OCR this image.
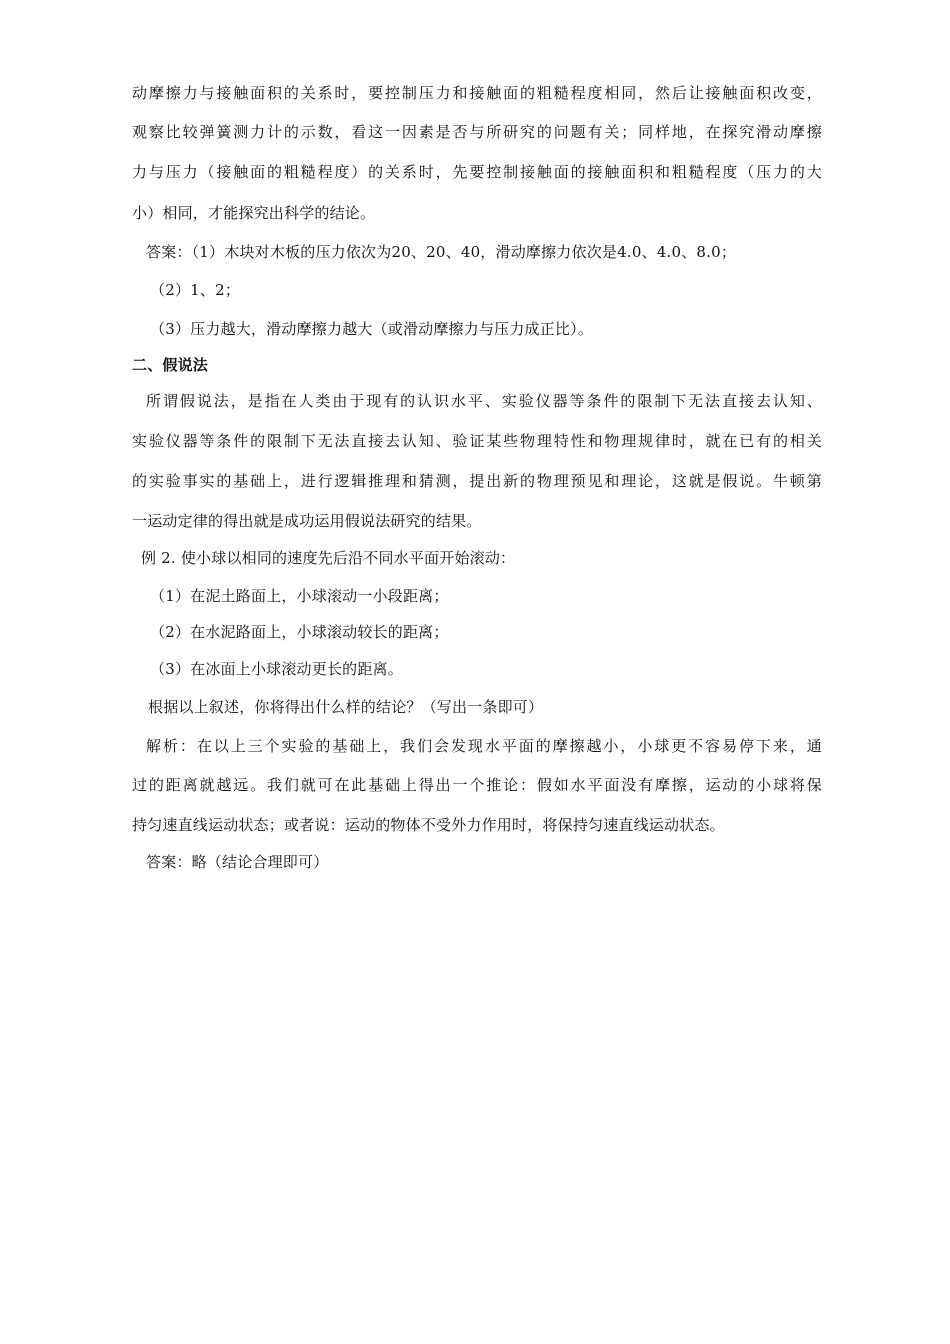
动摩擦力与接触面积的关系时，要控制压力和接触面的粗糙程度相同，然后让接触面积改变，
观察比较弹簧测力计的示数，看这一因素是否与所研究的问题有关；同样地，在探究滑动摩擦
力与压力（接触面的粗糙程度）的关系时，先要控制接触面的接触面积和粗糙程度（压力的大
小）相同，才能探究出科学的结论。
答案：（1）木块对木板的压力依次为20、20、40，滑动摩擦力依次是4.0、4.0、8.0；
（2）1、2；
（3）压力越大，滑动摩擦力越大（或滑动摩擦力与压力成正比）。
二、假说法
所谓假说法，是指在人类由于现有的认识水平、实验仪器等条件的限制下无法直接去认知、
实验仪器等条件的限制下无法直接去认知、验证某些物理特性和物理规律时，就在已有的相关
的实验事实的基础上，进行逻辑推理和猜测，提出新的物理预见和理论，这就是假说。牛顿第
一运动定律的得出就是成功运用假说法研究的结果。
例 2. 使小球以相同的速度先后沿不同水平面开始滚动：
（1）在泥土路面上，小球滚动一小段距离；
（2）在水泥路面上，小球滚动较长的距离；
（3）在冰面上小球滚动更长的距离。
根据以上叙述，你将得出什么样的结论？（写出一条即可）
解析：在以上三个实验的基础上，我们会发现水平面的摩擦越小，小球更不容易停下来，通
过的距离就越远。我们就可在此基础上得出一个推论：假如水平面没有摩擦，运动的小球将保
持匀速直线运动状态；或者说：运动的物体不受外力作用时，将保持匀速直线运动状态。
答案：略（结论合理即可）
